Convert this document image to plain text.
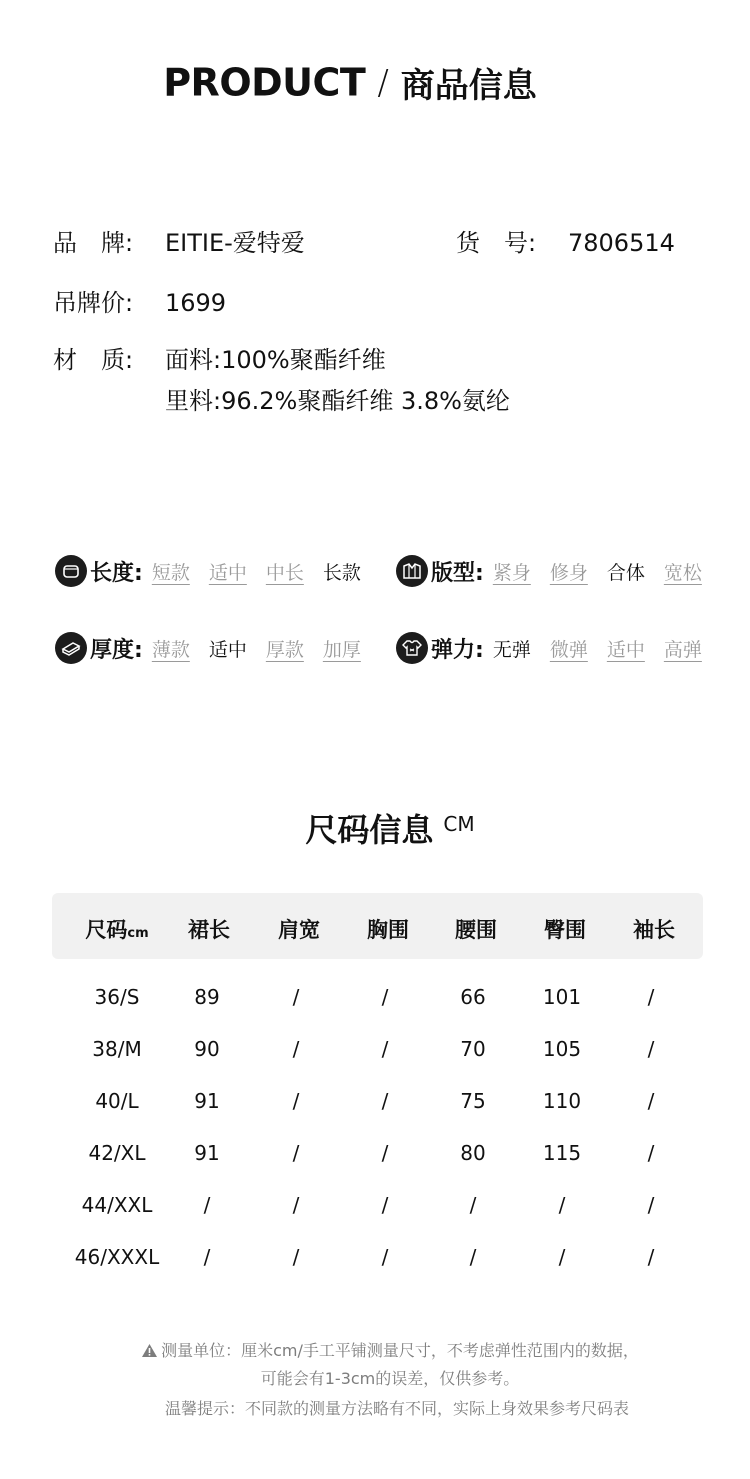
PRODUCT / 商品信息
品　牌: EITIE-爱特爱	货　号: 7806514
吊牌价: 1699
材　质: 面料:100%聚酯纤维
里料:96.2%聚酯纤维 3.8%氨纶
长度: 短款 适中 中长 长款	版型: 紧身 修身 合体 宽松
厚度: 薄款 适中 厚款 加厚	弹力: 无弹 微弹 适中 高弹
尺码信息 CM
尺码cm 裙长 肩宽 胸围 腰围 臀围 袖长
36/S	89	/	/	66	101	/
38/M	90	/	/	70	105	/
40/L	91	/	/	75	110	/
42/XL 91	/	/	80	115	/
44/XXL	/	/	/	/	/	/
46/XXXL /	/	/	/	/	/
测量单位：厘米cm/手工平铺测量尺寸，不考虑弹性范围内的数据，
可能会有1-3cm的误差，仅供参考。
温馨提示：不同款的测量方法略有不同，实际上身效果参考尺码表
